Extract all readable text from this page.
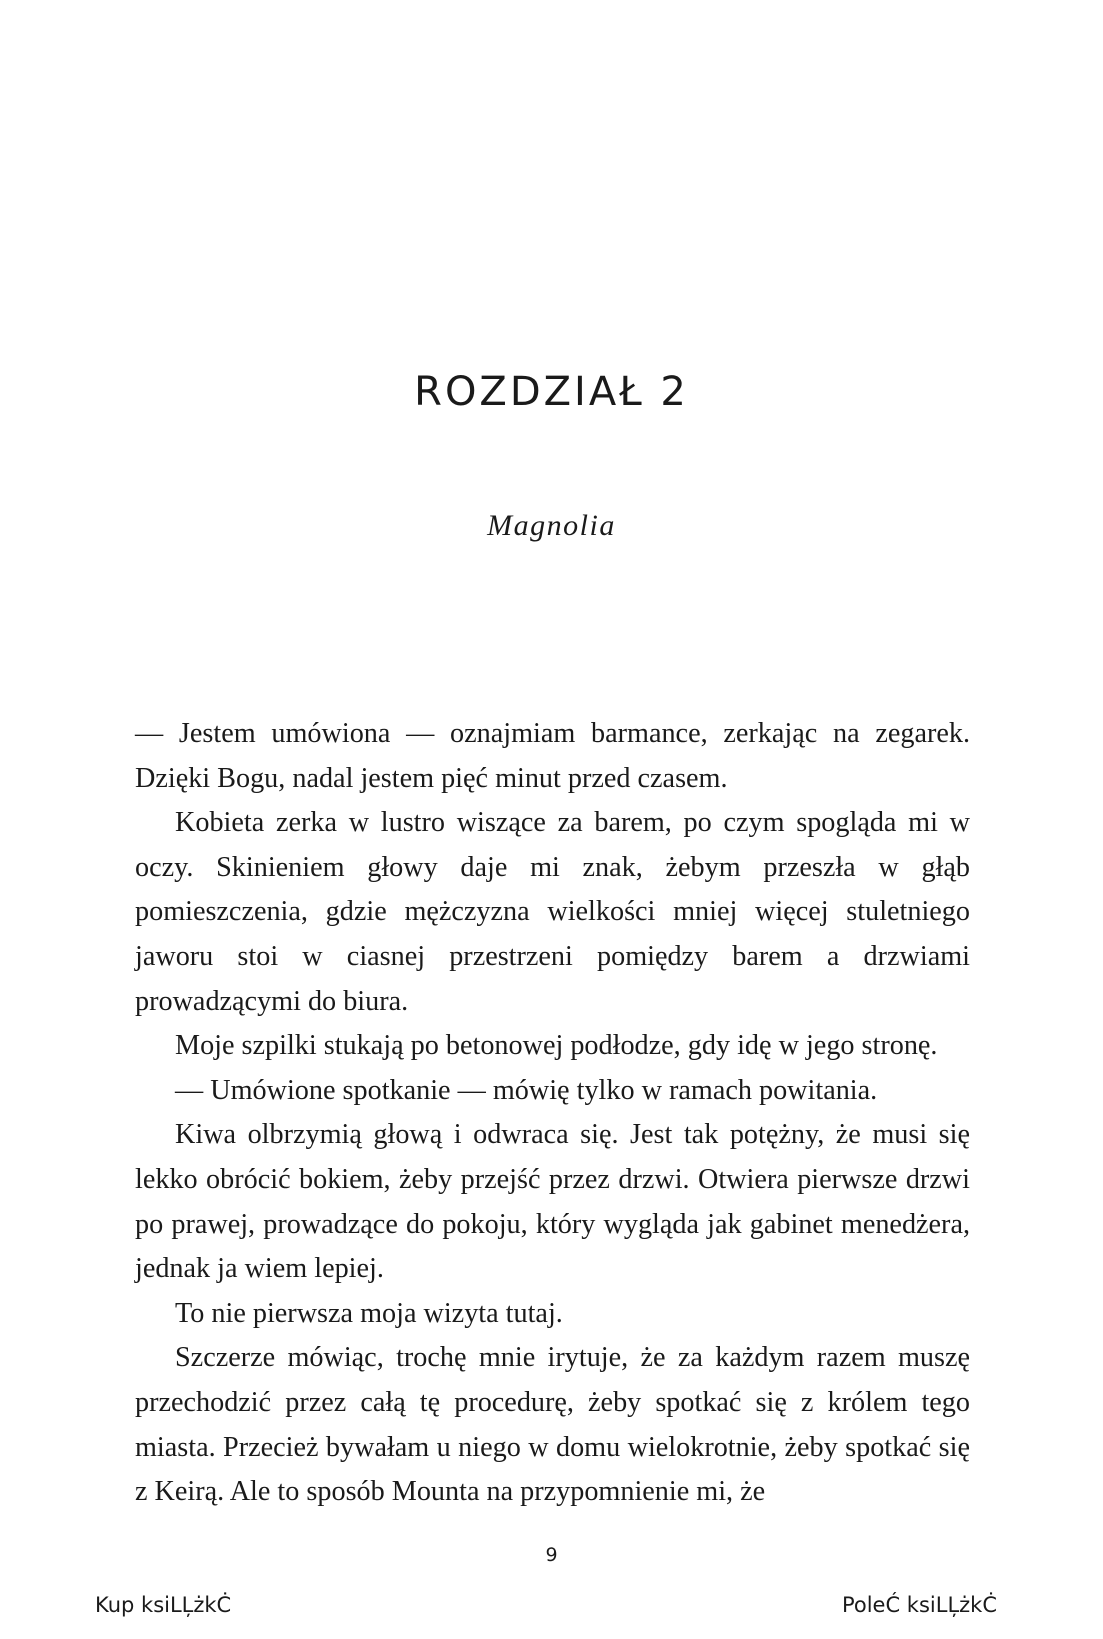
ROZDZIAŁ 2
Magnolia

— Jestem umówiona — oznajmiam barmance, zerkając na zegarek. Dzięki Bogu, nadal jestem pięć minut przed czasem.

Kobieta zerka w lustro wiszące za barem, po czym spogląda mi w oczy. Skinieniem głowy daje mi znak, żebym przeszła w głąb pomieszczenia, gdzie mężczyzna wielkości mniej więcej stuletniego jaworu stoi w ciasnej przestrzeni pomiędzy barem a drzwiami prowadzącymi do biura.

Moje szpilki stukają po betonowej podłodze, gdy idę w jego stronę.

— Umówione spotkanie — mówię tylko w ramach powitania.

Kiwa olbrzymią głową i odwraca się. Jest tak potężny, że musi się lekko obrócić bokiem, żeby przejść przez drzwi. Otwiera pierwsze drzwi po prawej, prowadzące do pokoju, który wygląda jak gabinet menedżera, jednak ja wiem lepiej.

To nie pierwsza moja wizyta tutaj.

Szczerze mówiąc, trochę mnie irytuje, że za każdym razem muszę przechodzić przez całą tę procedurę, żeby spotkać się z królem tego miasta. Przecież bywałam u niego w domu wielokrotnie, żeby spotkać się z Keirą. Ale to sposób Mounta na przypomnienie mi, że

9
Kup ksiLĻżkĊ	PoleĆ ksiLĻżkĊ
